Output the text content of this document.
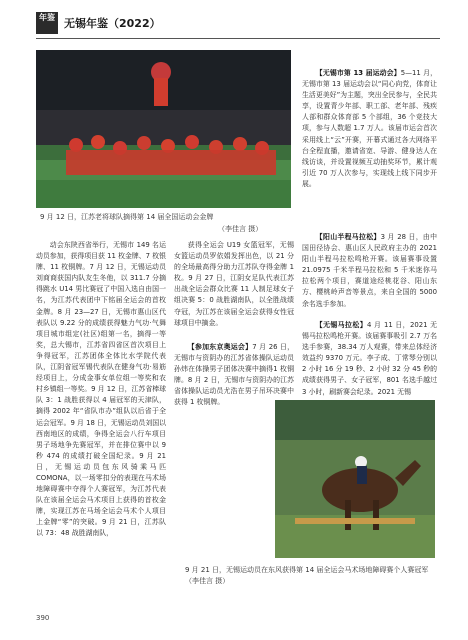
年鉴 无锡年鉴（2022）
9 月 12 日，江苏老将球队摘得第 14 届全国运动会金牌
（李佳言 摄）

动会东陕西省举行，无锡市 149 名运动员参加，获得项目获 11 枚金牌、7 枚银牌、11 枚铜牌。7 月 12 日，无锡运动员刘商商获国内队友生冬他，以 311.7 分摘得跳水 U14 男比赛冠了中国入选自由国一名，为江苏代表团中下铭届全运会的首枚金牌。8 月 23—27 日，无锡市惠山区代表队以 9.22 分的成绩获得魅力气功·气舞项目城市组定(社区)组第一名，摘得一等奖，总大锡市，江苏省四省区首次项目上争得冠军，江苏团体全体比水学院代表队，江阴省冠军锡代表队在健身气功·易筋经项目上，分成金事女单位组一等奖和农村乡镇组一等奖。9 月 12 日，江苏省棒球队 3：1 战胜获得以 4 届冠军的天津队，摘得 2002 年“省队市办”组队以后省于全运会冠军。9 月 18 日，无锡运动员刘国以西南地区的成绩，争得全运会八行车项目男子场地争先赛冠军，并在排位赛中以 9 秒 474 的成绩打破全国纪录。9 月 21 日，无锡运动员包东风骑乘马匹 COMONA，以一场零扣分的表现在马术场地障碍赛中夺得个人赛冠军，为江苏代表队在该届全运会马术项目上获得的首枚金牌，实现江苏在马场全运会马术个人项目上金牌“零”的突破。9 月 21 日，江苏队以 73：48 战胜湖南队，

获得全运会 U19 女篮冠军，无锡女篮运动员罗依娟发挥出色，以 21 分的全场最高得分助力江苏队夺得金牌 1 枚。9 月 27 日，江阴女足队代表江苏出战全运会群众比赛 11 人制足球女子组决赛 5：0 战胜湖南队，以全胜战绩夺冠，为江苏在该届全运会获得女性冠球项目中摘金。

【参加东京奥运会】7 月 26 日，无锡市与资阴办的江苏省体操队运动员孙炜在体操男子团体决赛中摘得1 枚铜牌。8 月 2 日，无锡市与资阴办的江苏省体操队运动员尤浩在男子吊环决赛中获得 1 枚铜牌。

【无锡市第 13 届运动会】5—11 月，无锡市第 13 届运动会以“同心向党，体育让生活更美好”为主题，突出全民参与，全民共享，设置青少年部、职工部、老年部、残疾人部和群众体育部 5 个部组，36 个竞技大项，参与人数超 1.7 万人。该届市运会首次采用线上“云”开赛，开幕式通过各大网络平台全程直播，邀请省宽、导游、健身达人在线访谈，并设置视频互动抽奖环节，累计观引近 70 万人次参与，实现线上线下同步开展。

【阳山半程马拉松】3 月 28 日，由中国田径协会、惠山区人民政府主办的 2021 阳山半程马拉松鸣枪开赛。该届赛事设置 21.0975 千米半程马拉松和 5 千米迷你马拉松两个项目，赛道途经桃花谷、阳山东方、樱桃岭声音等景点，来自全国的 5000 余名选手参加。

【无锡马拉松】4 月 11 日，2021 无锡马拉松鸣枪开赛。该届赛事吸引 2.7 万名选手参赛，38.34 万人观赛，带来总体经济效益约 9370 万元。李子成、丁常琴分别以 2 小时 16 分 19 秒、2 小时 32 分 45 秒的成绩获得男子、女子冠军，801 名选手越过 3 小时，刷新赛会纪录。2021 无锡

9 月 21 日，无锡运动员在东风获得第 14 届全运会马术场地障碍赛个人赛冠军　　（李佳言 摄）
390
